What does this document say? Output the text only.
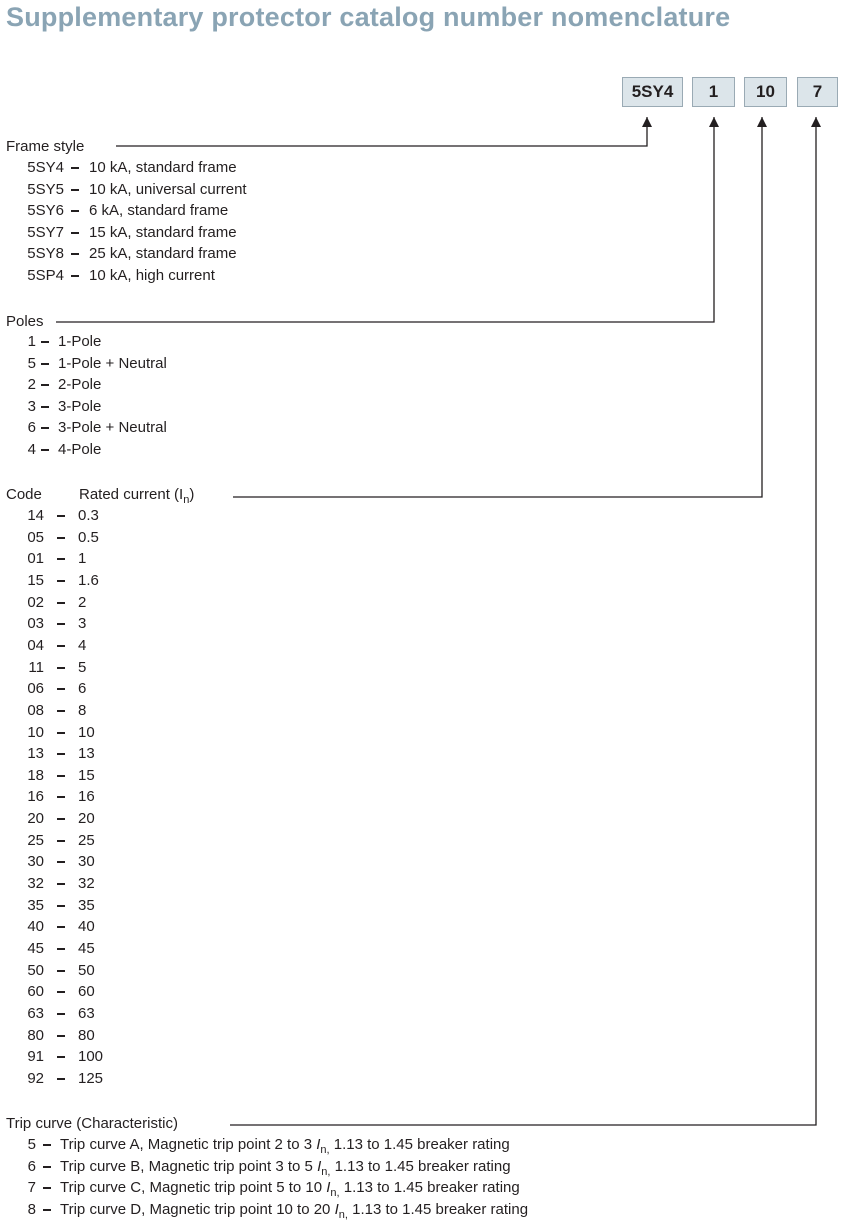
Supplementary protector catalog number nomenclature
5SY4	1	10	7
Frame style
5SY4 10 kA, standard frame
5SY5 10 kA, universal current
5SY6 6 kA, standard frame
5SY7 15 kA, standard frame
5SY8 25 kA, standard frame
5SP4 10 kA, high current
Poles
1 1-Pole
5 1-Pole + Neutral
2 2-Pole
3 3-Pole
6 3-Pole + Neutral
4 4-Pole
Code Rated current $(I_n)$
14 0.3
05 0.5
01 1
15 1.6
02 2
03 3
04 4
11 5
06 6
08 8
10 10
13 13
18 15
16 16
20 20
25 25
30 30
32 32
35 35
40 40
45 45
50 50
60 60
63 63
80 80
91 100
92 125
Trip curve (Characteristic)
5 Trip curve A, Magnetic trip point 2 to 3 $I_{n,}$ 1.13 to 1.45 breaker rating
6 Trip curve B, Magnetic trip point 3 to 5 $I_{n,}$ 1.13 to 1.45 breaker rating
7 Trip curve C, Magnetic trip point 5 to 10 $I_{n,}$ 1.13 to 1.45 breaker rating
8 Trip curve D, Magnetic trip point 10 to 20 $I_{n,}$ 1.13 to 1.45 breaker rating
